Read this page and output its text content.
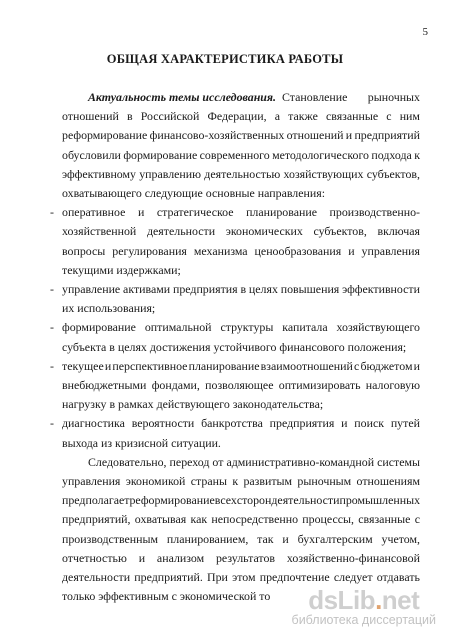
5
ОБЩАЯ ХАРАКТЕРИСТИКА РАБОТЫ
Актуальность темы исследования. Становление рыночных
отношений в Российской Федерации, а также связанные с ним
реформирование финансово-хозяйственных отношений и предприятий
обусловили формирование современного методологического подхода к
эффективному управлению деятельностью хозяйствующих субъектов,
охватывающего следующие основные направления:
- оперативное и стратегическое планирование производственно-
хозяйственной деятельности экономических субъектов, включая
вопросы регулирования механизма ценообразования и управления
текущими издержками;
- управление активами предприятия в целях повышения эффективности
их использования;
- формирование оптимальной структуры капитала хозяйствующего
субъекта в целях достижения устойчивого финансового положения;
- текущее и перспективное планирование взаимоотношений с бюджетом и
внебюджетными фондами, позволяющее оптимизировать налоговую
нагрузку в рамках действующего законодательства;
- диагностика вероятности банкротства предприятия и поиск путей
выхода из кризисной ситуации.
Следовательно, переход от административно-командной системы
управления экономикой страны к развитым рыночным отношениям
предполагает реформирование всех сторон деятельности промышленных
предприятий, охватывая как непосредственно процессы, связанные с
производственным планированием, так и бухгалтерским учетом,
отчетностью и анализом результатов хозяйственно-финансовой
деятельности предприятий. При этом предпочтение следует отдавать
только эффективным с экономической то	dsLib.net
библиотека диссертаций
